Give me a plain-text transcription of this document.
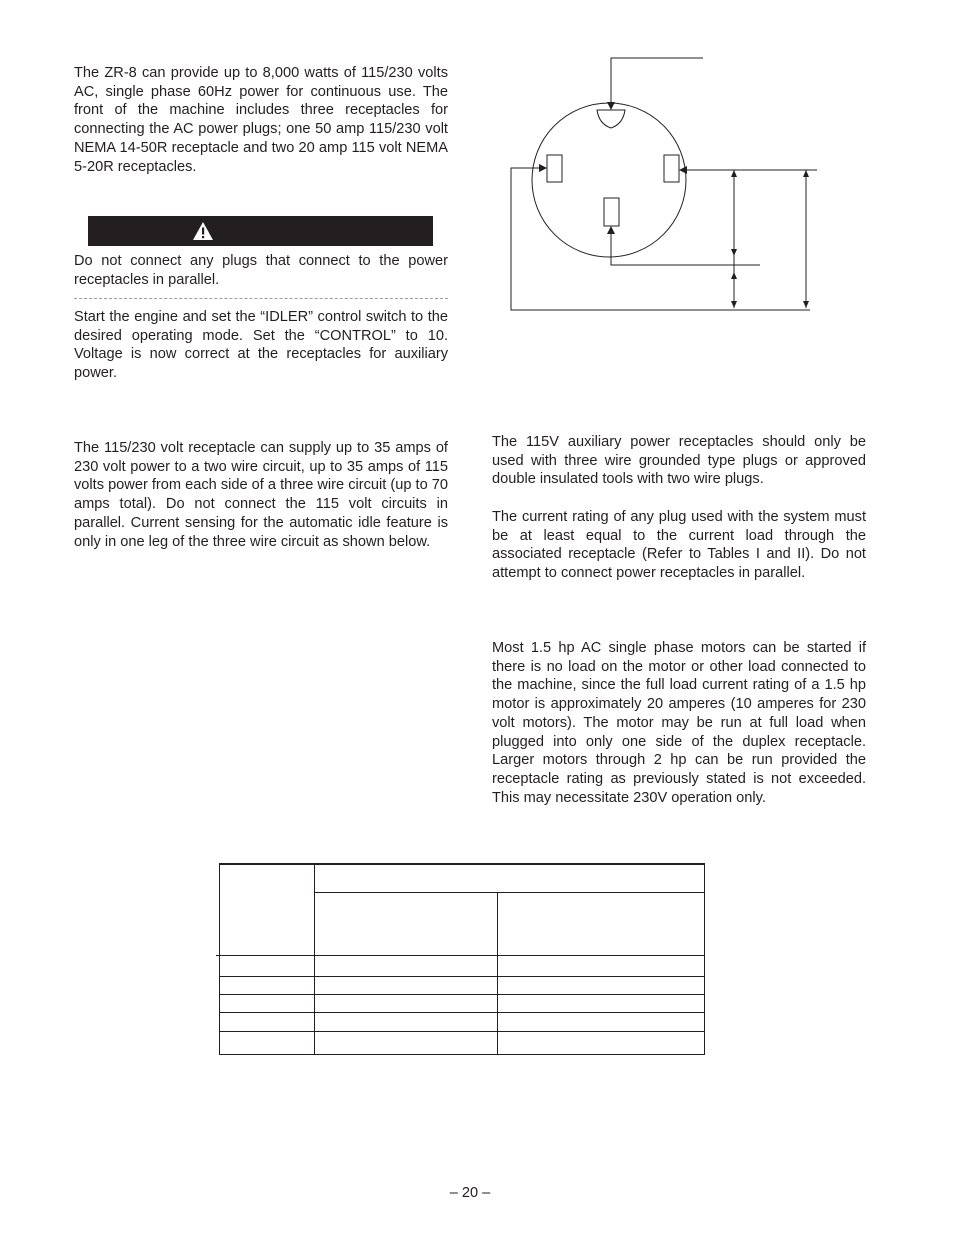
The ZR-8 can provide up to 8,000 watts of 115/230 volts AC, single phase 60Hz power for continuous use. The front of the machine includes three receptacles for connecting the AC power plugs; one 50 amp 115/230 volt NEMA 14-50R receptacle and two 20 amp 115 volt NEMA 5-20R receptacles.

Do not connect any plugs that connect to the power receptacles in parallel.

Start the engine and set the “IDLER” control switch to the desired operating mode. Set the “CONTROL” to 10. Voltage is now correct at the receptacles for auxiliary power.

The 115/230 volt receptacle can supply up to 35 amps of 230 volt power to a two wire circuit, up to 35 amps of 115 volts power from each side of a three wire circuit (up to 70 amps total). Do not connect the 115 volt circuits in parallel. Current sensing for the automatic idle feature is only in one leg of the three wire circuit as shown below.

The 115V auxiliary power receptacles should only be used with three wire grounded type plugs or approved double insulated tools with two wire plugs.

The current rating of any plug used with the system must be at least equal to the current load through the associated receptacle (Refer to Tables I and II). Do not attempt to connect power receptacles in parallel.

Most 1.5 hp AC single phase motors can be started if there is no load on the motor or other load connected to the machine, since the full load current rating of a 1.5 hp motor is approximately 20 amperes (10 amperes for 230 volt motors). The motor may be run at full load when plugged into only one side of the duplex receptacle. Larger motors through 2 hp can be run provided the receptacle rating as previously stated is not exceeded. This may necessitate 230V operation only.

– 20 –
